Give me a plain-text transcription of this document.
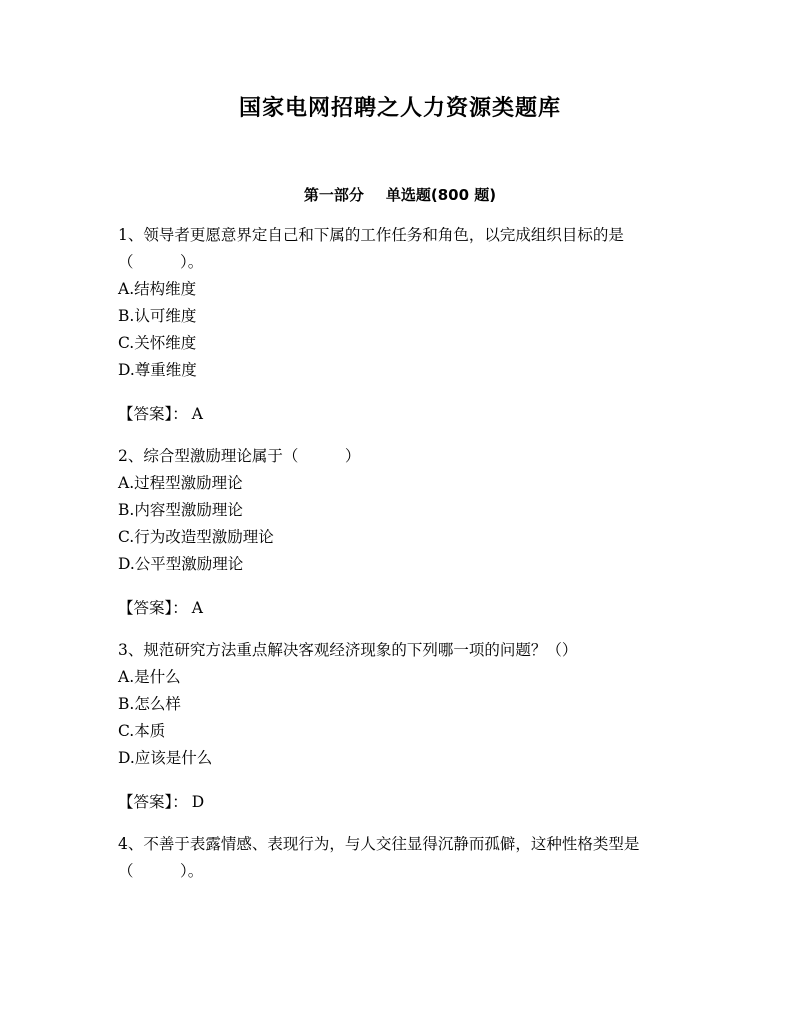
国家电网招聘之人力资源类题库
第一部分 单选题(800 题)

1、领导者更愿意界定自己和下属的工作任务和角色，以完成组织目标的是（　　　）。

A.结构维度

B.认可维度

C.关怀维度

D.尊重维度

【答案】： A

2、综合型激励理论属于（　　　）

A.过程型激励理论

B.内容型激励理论

C.行为改造型激励理论

D.公平型激励理论

【答案】： A

3、规范研究方法重点解决客观经济现象的下列哪一项的问题？（）

A.是什么

B.怎么样

C.本质

D.应该是什么

【答案】： D

4、不善于表露情感、表现行为，与人交往显得沉静而孤僻，这种性格类型是（　　　）。
